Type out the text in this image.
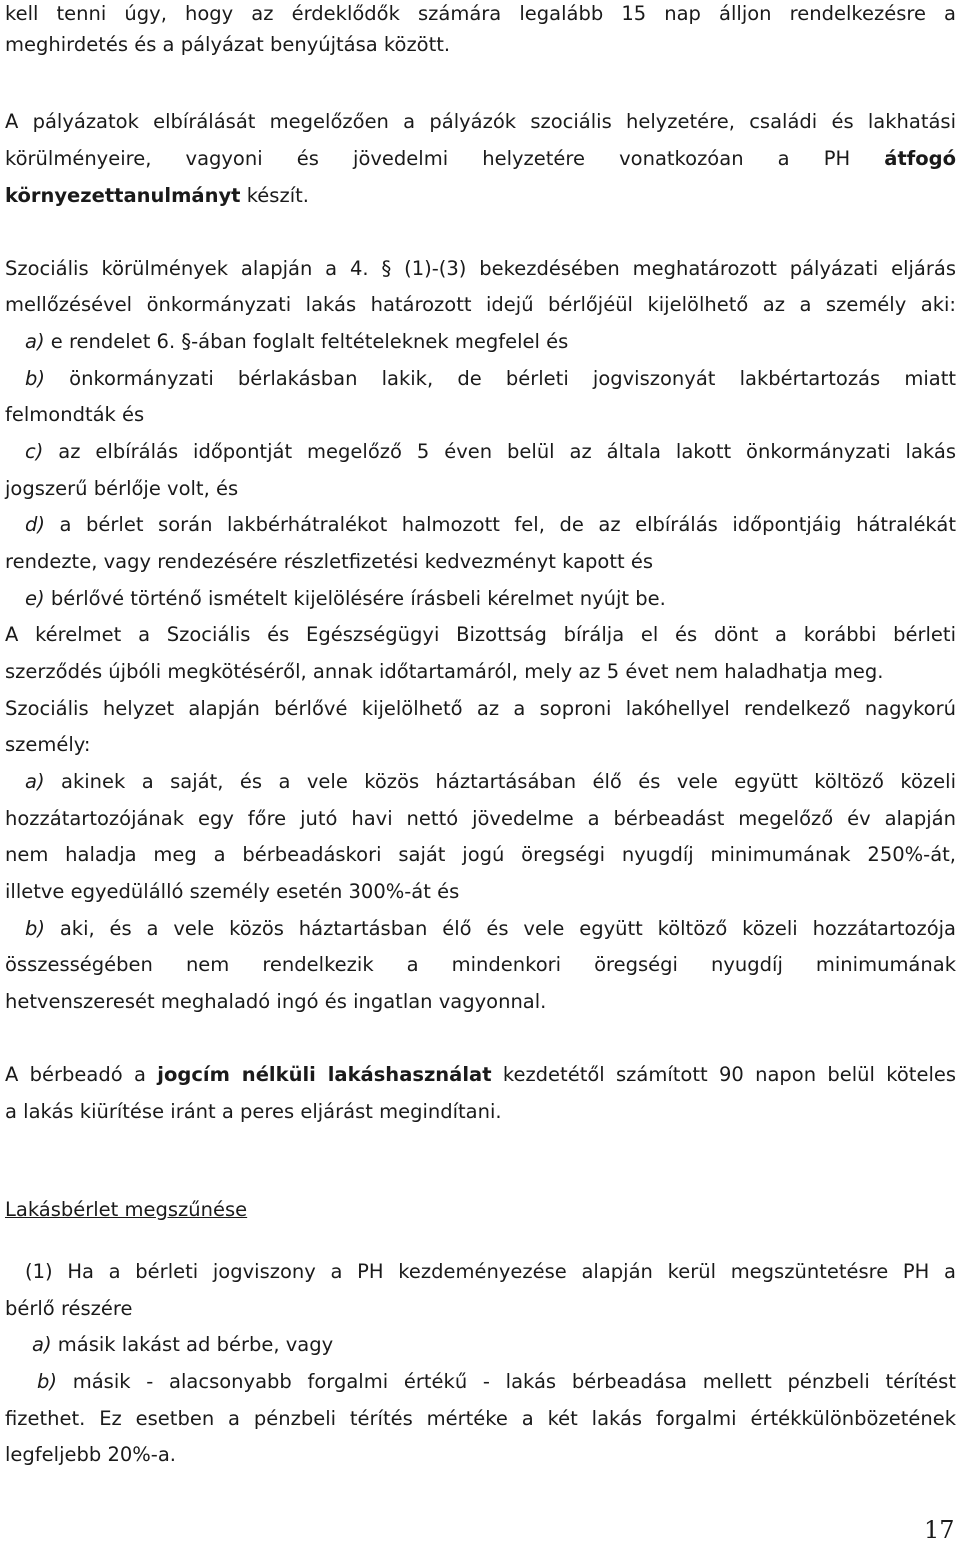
kell tenni úgy, hogy az érdeklődők számára legalább 15 nap álljon rendelkezésre a
meghirdetés és a pályázat benyújtása között.
A pályázatok elbírálását megelőzően a pályázók szociális helyzetére, családi és lakhatási
körülményeire, vagyoni és jövedelmi helyzetére vonatkozóan a PH átfogó
környezettanulmányt készít.
Szociális körülmények alapján a 4. § (1)-(3) bekezdésében meghatározott pályázati eljárás
mellőzésével önkormányzati lakás határozott idejű bérlőjéül kijelölhető az a személy aki:
a) e rendelet 6. §-ában foglalt feltételeknek megfelel és
b) önkormányzati bérlakásban lakik, de bérleti jogviszonyát lakbértartozás miatt
felmondták és
c) az elbírálás időpontját megelőző 5 éven belül az általa lakott önkormányzati lakás
jogszerű bérlője volt, és
d) a bérlet során lakbérhátralékot halmozott fel, de az elbírálás időpontjáig hátralékát
rendezte, vagy rendezésére részletfizetési kedvezményt kapott és
e) bérlővé történő ismételt kijelölésére írásbeli kérelmet nyújt be.
A kérelmet a Szociális és Egészségügyi Bizottság bírálja el és dönt a korábbi bérleti
szerződés újbóli megkötéséről, annak időtartamáról, mely az 5 évet nem haladhatja meg.
Szociális helyzet alapján bérlővé kijelölhető az a soproni lakóhellyel rendelkező nagykorú
személy:
a) akinek a saját, és a vele közös háztartásában élő és vele együtt költöző közeli
hozzátartozójának egy főre jutó havi nettó jövedelme a bérbeadást megelőző év alapján
nem haladja meg a bérbeadáskori saját jogú öregségi nyugdíj minimumának 250%-át,
illetve egyedülálló személy esetén 300%-át és
b) aki, és a vele közös háztartásban élő és vele együtt költöző közeli hozzátartozója
összességében nem rendelkezik a mindenkori öregségi nyugdíj minimumának
hetvenszeresét meghaladó ingó és ingatlan vagyonnal.
A bérbeadó a jogcím nélküli lakáshasználat kezdetétől számított 90 napon belül köteles
a lakás kiürítése iránt a peres eljárást megindítani.
Lakásbérlet megszűnése
(1) Ha a bérleti jogviszony a PH kezdeményezése alapján kerül megszüntetésre PH a
bérlő részére
a) másik lakást ad bérbe, vagy
b) másik - alacsonyabb forgalmi értékű - lakás bérbeadása mellett pénzbeli térítést
fizethet. Ez esetben a pénzbeli térítés mértéke a két lakás forgalmi értékkülönbözetének
legfeljebb 20%-a.
17
